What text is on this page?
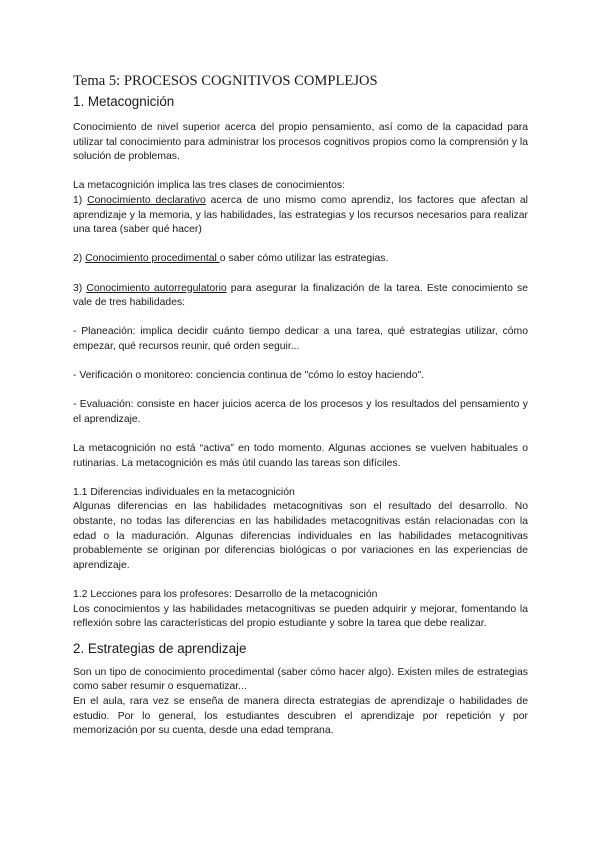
Tema 5: PROCESOS COGNITIVOS COMPLEJOS
1. Metacognición

Conocimiento de nivel superior acerca del propio pensamiento, así como de la capacidad para utilizar tal conocimiento para administrar los procesos cognitivos propios como la comprensión y la solución de problemas.

La metacognición implica las tres clases de conocimientos:

1) Conocimiento declarativo acerca de uno mismo como aprendiz, los factores que afectan al aprendizaje y la memoria, y las habilidades, las estrategias y los recursos necesarios para realizar una tarea (saber qué hacer)

2) Conocimiento procedimental o saber cómo utilizar las estrategias.

3) Conocimiento autorregulatorio para asegurar la finalización de la tarea. Este conocimiento se vale de tres habilidades:

- Planeación: implica decidir cuánto tiempo dedicar a una tarea, qué estrategias utilizar, cómo empezar, qué recursos reunir, qué orden seguir...

- Verificación o monitoreo: conciencia continua de "cómo lo estoy haciendo".

- Evaluación: consiste en hacer juicios acerca de los procesos y los resultados del pensamiento y el aprendizaje.

La metacognición no está “activa” en todo momento. Algunas acciones se vuelven habituales o rutinarias. La metacognición es más útil cuando las tareas son difíciles.

1.1 Diferencias individuales en la metacognición

Algunas diferencias en las habilidades metacognitivas son el resultado del desarrollo. No obstante, no todas las diferencias en las habilidades metacognitivas están relacionadas con la edad o la maduración. Algunas diferencias individuales en las habilidades metacognitivas probablemente se originan por diferencias biológicas o por variaciones en las experiencias de aprendizaje.

1.2 Lecciones para los profesores: Desarrollo de la metacognición

Los conocimientos y las habilidades metacognitivas se pueden adquirir y mejorar, fomentando la reflexión sobre las características del propio estudiante y sobre la tarea que debe realizar.

2. Estrategias de aprendizaje

Son un tipo de conocimiento procedimental (saber cómo hacer algo). Existen miles de estrategias como saber resumir o esquematizar...

En el aula, rara vez se enseña de manera directa estrategias de aprendizaje o habilidades de estudio. Por lo general, los estudiantes descubren el aprendizaje por repetición y por memorización por su cuenta, desde una edad temprana.
